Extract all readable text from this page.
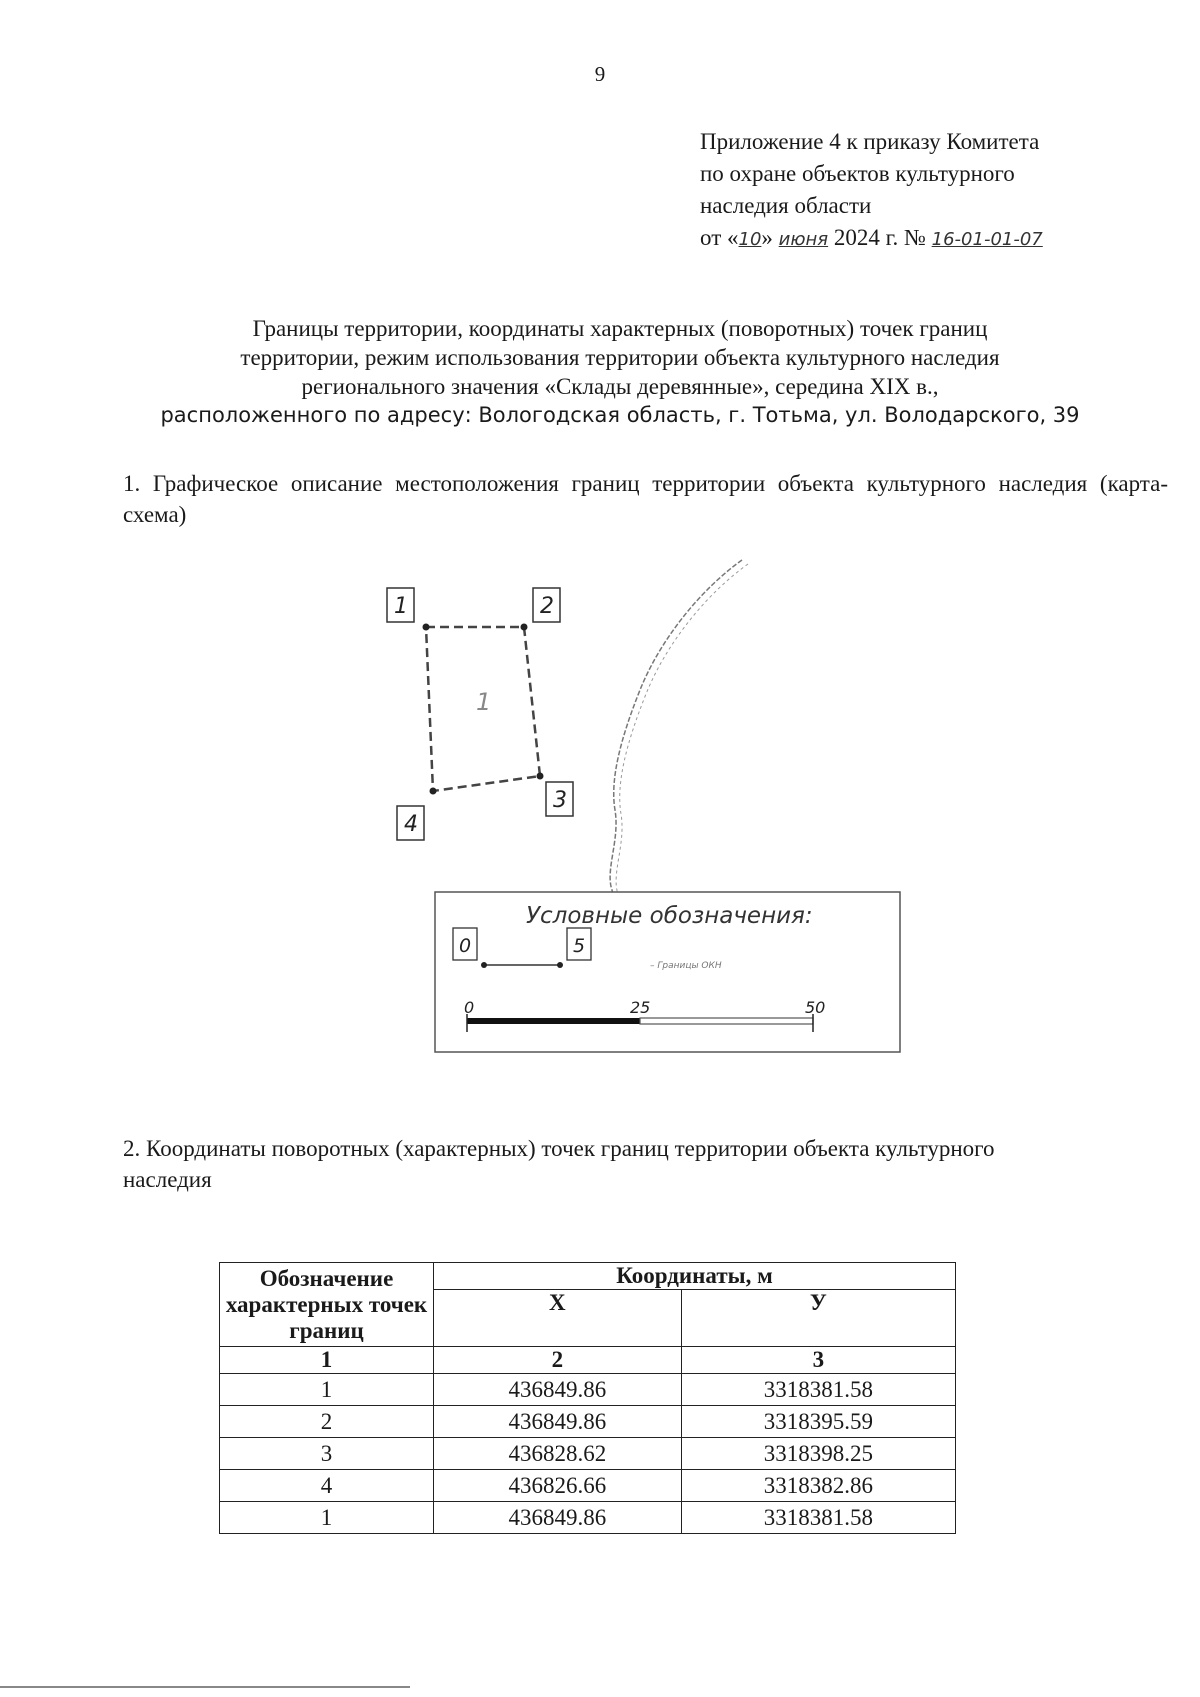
9
Приложение 4 к приказу Комитета
по охране объектов культурного
наследия области
от «10» июня 2024 г. № 16-01-01-07
Границы территории, координаты характерных (поворотных) точек границ
территории, режим использования территории объекта культурного наследия
регионального значения «Склады деревянные», середина XIX в.,
расположенного по адресу: Вологодская область, г. Тотьма, ул. Володарского, 39
1. Графическое описание местоположения границ территории объекта культурного наследия (карта-схема)
1
1	2
3
4
Условные обозначения:
0	5
– Границы ОКН
0	25	50
2. Координаты поворотных (характерных) точек границ территории объекта культурного наследия
Обозначение характерных точек границ	Координаты, м	
	X	У
1	2	3
1	436849.86	3318381.58
2	436849.86	3318395.59
3	436828.62	3318398.25
4	436826.66	3318382.86
1	436849.86	3318381.58
